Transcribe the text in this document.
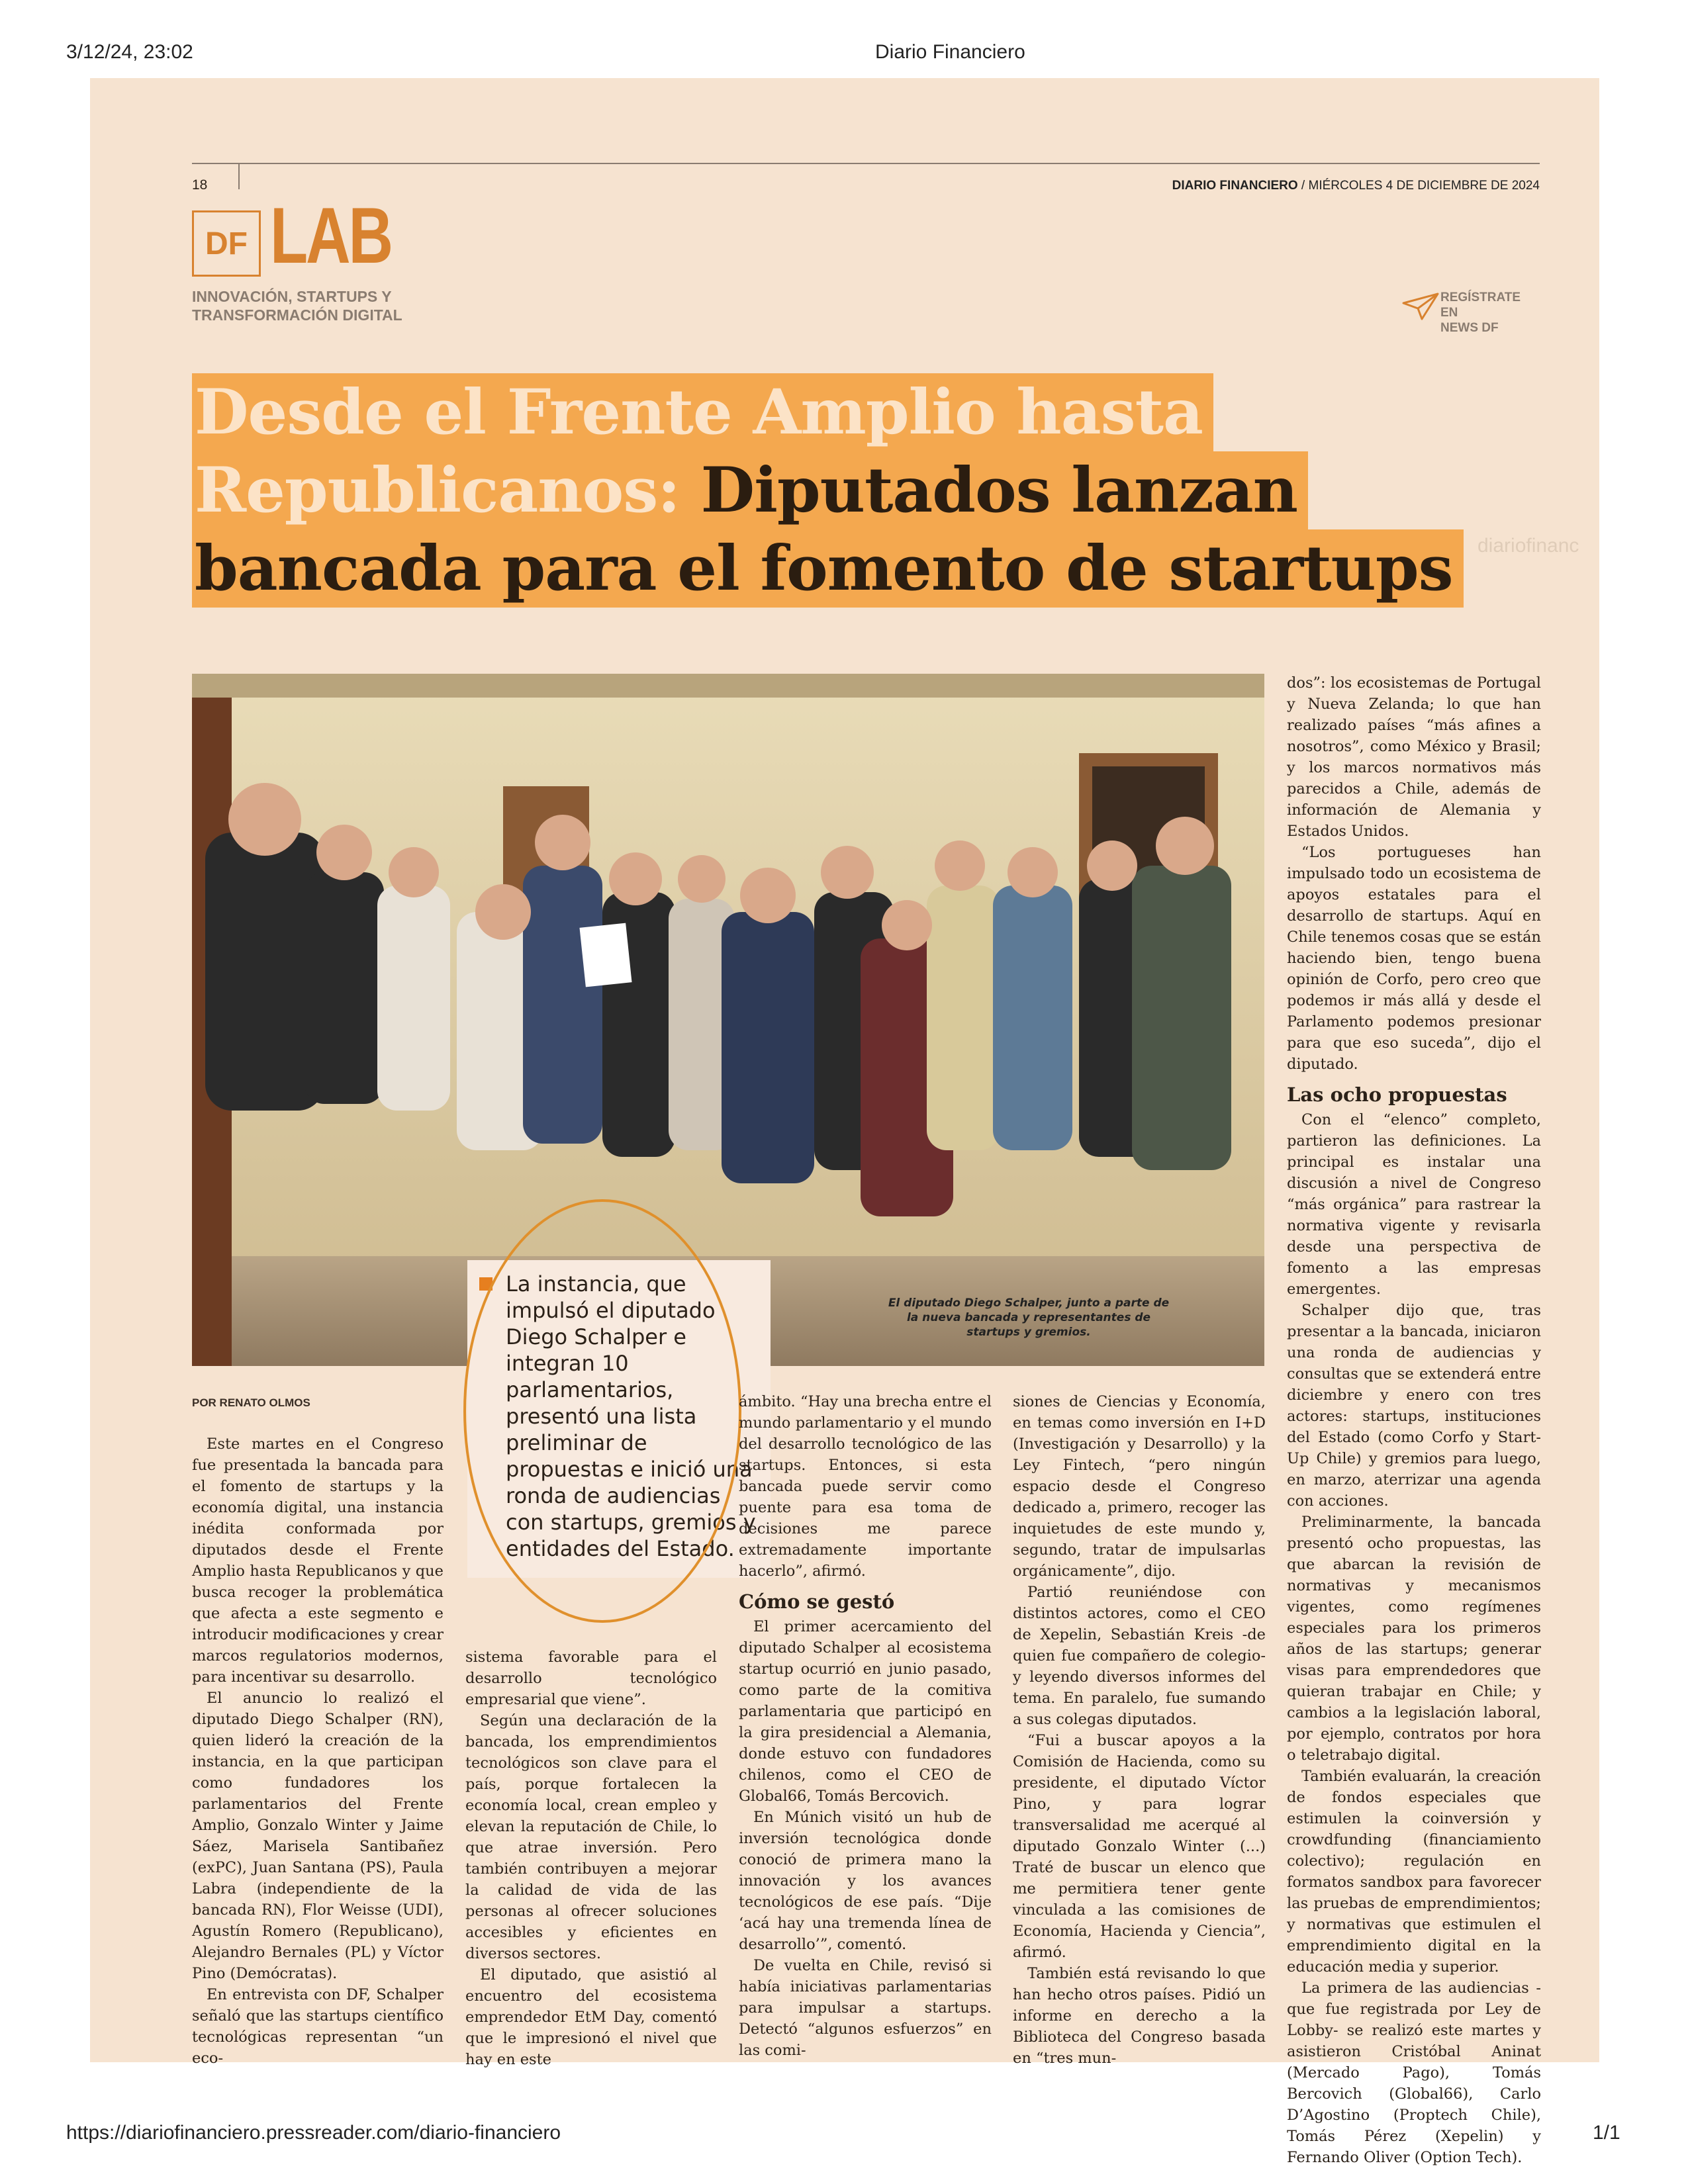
3/12/24, 23:02	Diario Financiero
18	DIARIO FINANCIERO / MIÉRCOLES 4 DE DICIEMBRE DE 2024
DF LAB
INNOVACIÓN, STARTUPS Y
TRANSFORMACIÓN DIGITAL
REGÍSTRATE EN
NEWS DF
Desde el Frente Amplio hasta
Republicanos: Diputados lanzan
bancada para el fomento de startups	diariofinanc
El diputado Diego Schalper, junto a parte de la nueva bancada y representantes de startups y gremios.
La instancia, que impulsó el diputado Diego Schalper e integran 10 parlamentarios, presentó una lista preliminar de propuestas e inició una ronda de audiencias con startups, gremios y entidades del Estado.
POR RENATO OLMOS

Este martes en el Congreso fue presentada la bancada para el fomento de startups y la economía digital, una instancia inédita conformada por diputados desde el Frente Amplio hasta Republicanos y que busca recoger la problemática que afecta a este segmento e introducir modificaciones y crear marcos regulatorios modernos, para incentivar su desarrollo.

El anuncio lo realizó el diputado Diego Schalper (RN), quien lideró la creación de la instancia, en la que participan como fundadores los parlamentarios del Frente Amplio, Gonzalo Winter y Jaime Sáez, Marisela Santibañez (exPC), Juan Santana (PS), Paula Labra (independiente de la bancada RN), Flor Weisse (UDI), Agustín Romero (Republicano), Alejandro Bernales (PL) y Víctor Pino (Demócratas).

En entrevista con DF, Schalper señaló que las startups científico tecnológicas representan “un eco-

sistema favorable para el desarrollo tecnológico empresarial que viene”.

Según una declaración de la bancada, los emprendimientos tecnológicos son clave para el país, porque fortalecen la economía local, crean empleo y elevan la reputación de Chile, lo que atrae inversión. Pero también contribuyen a mejorar la calidad de vida de las personas al ofrecer soluciones accesibles y eficientes en diversos sectores.

El diputado, que asistió al encuentro del ecosistema emprendedor EtM Day, comentó que le impresionó el nivel que hay en este

ámbito. “Hay una brecha entre el mundo parlamentario y el mundo del desarrollo tecnológico de las startups. Entonces, si esta bancada puede servir como puente para esa toma de decisiones me parece extremadamente importante hacerlo”, afirmó.

Cómo se gestó

El primer acercamiento del diputado Schalper al ecosistema startup ocurrió en junio pasado, como parte de la comitiva parlamentaria que participó en la gira presidencial a Alemania, donde estuvo con fundadores chilenos, como el CEO de Global66, Tomás Bercovich.

En Múnich visitó un hub de inversión tecnológica donde conoció de primera mano la innovación y los avances tecnológicos de ese país. “Dije ‘acá hay una tremenda línea de desarrollo’”, comentó.

De vuelta en Chile, revisó si había iniciativas parlamentarias para impulsar a startups. Detectó “algunos esfuerzos” en las comi-

siones de Ciencias y Economía, en temas como inversión en I+D (Investigación y Desarrollo) y la Ley Fintech, “pero ningún espacio desde el Congreso dedicado a, primero, recoger las inquietudes de este mundo y, segundo, tratar de impulsarlas orgánicamente”, dijo.

Partió reuniéndose con distintos actores, como el CEO de Xepelin, Sebastián Kreis -de quien fue compañero de colegio- y leyendo diversos informes del tema. En paralelo, fue sumando a sus colegas diputados.

“Fui a buscar apoyos a la Comisión de Hacienda, como su presidente, el diputado Víctor Pino, y para lograr transversalidad me acerqué al diputado Gonzalo Winter (...) Traté de buscar un elenco que me permitiera tener gente vinculada a las comisiones de Economía, Hacienda y Ciencia”, afirmó.

También está revisando lo que han hecho otros países. Pidió un informe en derecho a la Biblioteca del Congreso basada en “tres mun-

dos”: los ecosistemas de Portugal y Nueva Zelanda; lo que han realizado países “más afines a nosotros”, como México y Brasil; y los marcos normativos más parecidos a Chile, además de información de Alemania y Estados Unidos.

“Los portugueses han impulsado todo un ecosistema de apoyos estatales para el desarrollo de startups. Aquí en Chile tenemos cosas que se están haciendo bien, tengo buena opinión de Corfo, pero creo que podemos ir más allá y desde el Parlamento podemos presionar para que eso suceda”, dijo el diputado.

Las ocho propuestas

Con el “elenco” completo, partieron las definiciones. La principal es instalar una discusión a nivel de Congreso “más orgánica” para rastrear la normativa vigente y revisarla desde una perspectiva de fomento a las empresas emergentes.

Schalper dijo que, tras presentar a la bancada, iniciaron una ronda de audiencias y consultas que se extenderá entre diciembre y enero con tres actores: startups, instituciones del Estado (como Corfo y Start-Up Chile) y gremios para luego, en marzo, aterrizar una agenda con acciones.

Preliminarmente, la bancada presentó ocho propuestas, las que abarcan la revisión de normativas y mecanismos vigentes, como regímenes especiales para los primeros años de las startups; generar visas para emprendedores que quieran trabajar en Chile; y cambios a la legislación laboral, por ejemplo, contratos por hora o teletrabajo digital.

También evaluarán, la creación de fondos especiales que estimulen la coinversión y crowdfunding (financiamiento colectivo); regulación en formatos sandbox para favorecer las pruebas de emprendimientos; y normativas que estimulen el emprendimiento digital en la educación media y superior.

La primera de las audiencias -que fue registrada por Ley de Lobby- se realizó este martes y asistieron Cristóbal Aninat (Mercado Pago), Tomás Bercovich (Global66), Carlo D’Agostino (Proptech Chile), Tomás Pérez (Xepelin) y Fernando Oliver (Option Tech).

https://diariofinanciero.pressreader.com/diario-financiero	1/1
